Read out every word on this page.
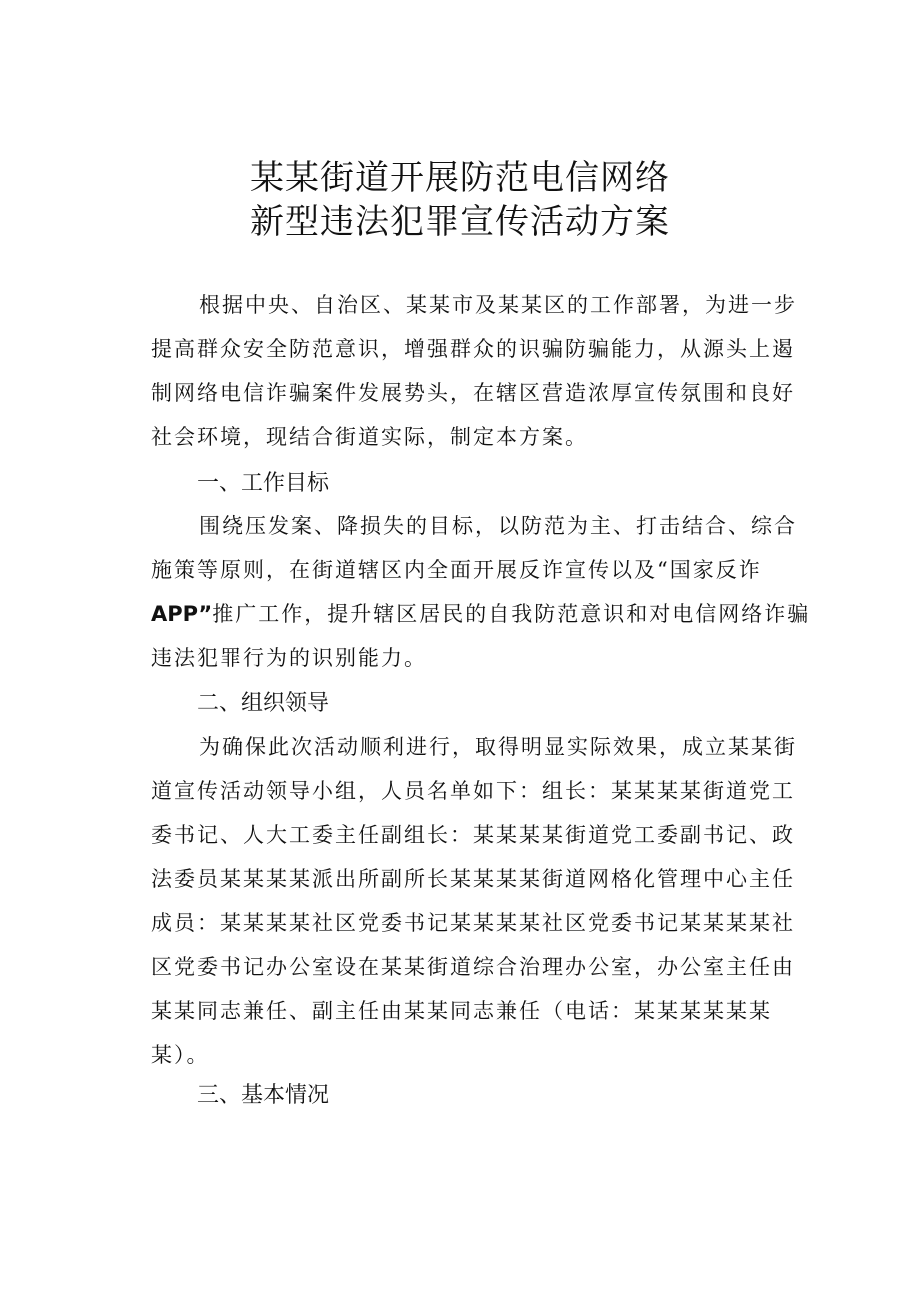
某某街道开展防范电信网络
新型违法犯罪宣传活动方案
根据中央、自治区、某某市及某某区的工作部署，为进一步
提高群众安全防范意识，增强群众的识骗防骗能力，从源头上遏
制网络电信诈骗案件发展势头，在辖区营造浓厚宣传氛围和良好
社会环境，现结合街道实际，制定本方案。
一、工作目标
围绕压发案、降损失的目标，以防范为主、打击结合、综合
施策等原则，在街道辖区内全面开展反诈宣传以及“国家反诈
APP”推广工作，提升辖区居民的自我防范意识和对电信网络诈骗
违法犯罪行为的识别能力。
二、组织领导
为确保此次活动顺利进行，取得明显实际效果，成立某某街
道宣传活动领导小组，人员名单如下：组长：某某某某街道党工
委书记、人大工委主任副组长：某某某某街道党工委副书记、政
法委员某某某某派出所副所长某某某某街道网格化管理中心主任
成员：某某某某社区党委书记某某某某社区党委书记某某某某社
区党委书记办公室设在某某街道综合治理办公室，办公室主任由
某某同志兼任、副主任由某某同志兼任（电话：某某某某某某
某）。
三、基本情况
